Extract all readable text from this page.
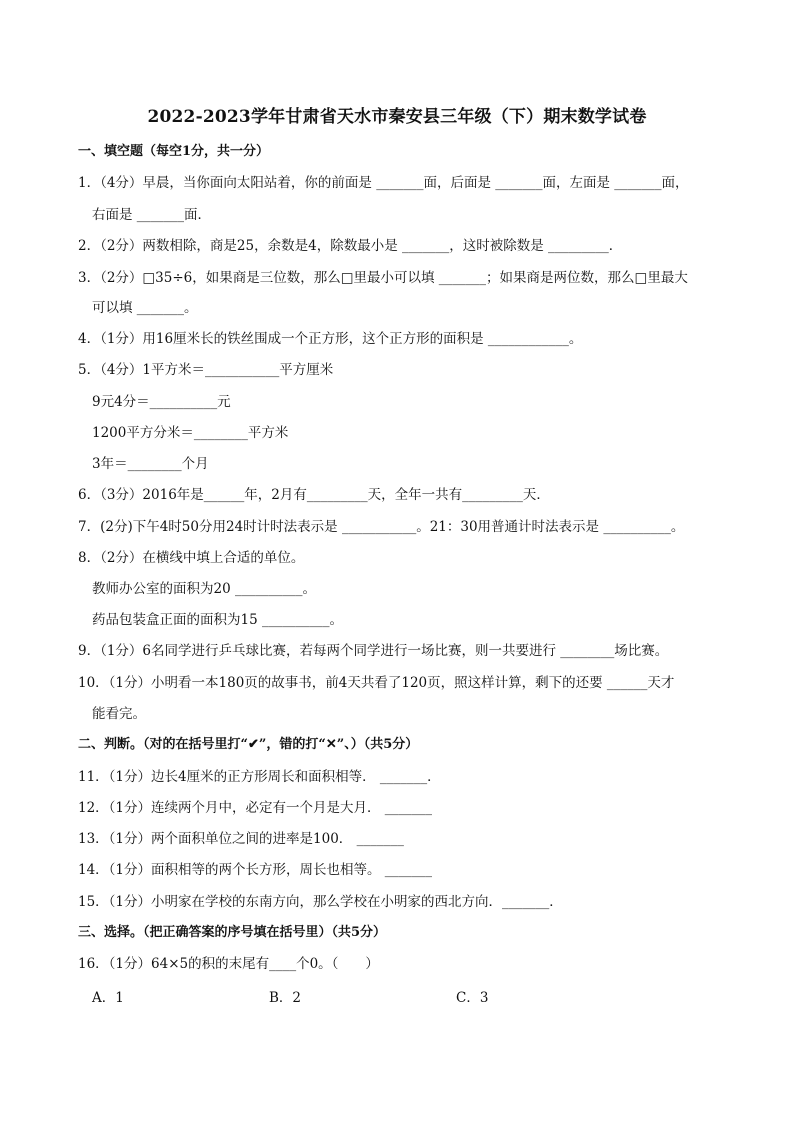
2022-2023学年甘肃省天水市秦安县三年级（下）期末数学试卷
一、填空题（每空1分，共一分）
1．（4分）早晨，当你面向太阳站着，你的前面是 _______面，后面是 _______面，左面是 _______面，
右面是 _______面．
2．（2分）两数相除，商是25，余数是4，除数最小是 _______，这时被除数是 _________．
3．（2分）□35÷6，如果商是三位数，那么□里最小可以填 _______；如果商是两位数，那么□里最大
可以填 _______。
4．（1分）用16厘米长的铁丝围成一个正方形，这个正方形的面积是 ____________。
5．（4分）1平方米＝___________平方厘米
9元4分＝__________元
1200平方分米＝________平方米
3年＝________个月
6．（3分）2016年是______年，2月有_________天，全年一共有_________天．
7．(2分)下午4时50分用24时计时法表示是 ___________。21：30用普通计时法表示是 __________。
8．（2分）在横线中填上合适的单位。
教师办公室的面积为20 __________。
药品包装盒正面的面积为15 __________。
9．（1分）6名同学进行乒乓球比赛，若每两个同学进行一场比赛，则一共要进行 ________场比赛。
10．（1分）小明看一本180页的故事书，前4天共看了120页，照这样计算，剩下的还要 ______天才
能看完。
二、判断。（对的在括号里打“✔”，错的打“✕”、）（共5分）
11．（1分）边长4厘米的正方形周长和面积相等． _______．
12．（1分）连续两个月中，必定有一个月是大月． _______
13．（1分）两个面积单位之间的进率是100． _______
14．（1分）面积相等的两个长方形，周长也相等。 _______
15．（1分）小明家在学校的东南方向，那么学校在小明家的西北方向．_______．
三、选择。（把正确答案的序号填在括号里）（共5分）
16．（1分）64×5的积的末尾有____个0。（　　）
A．1	B．2	C．3
